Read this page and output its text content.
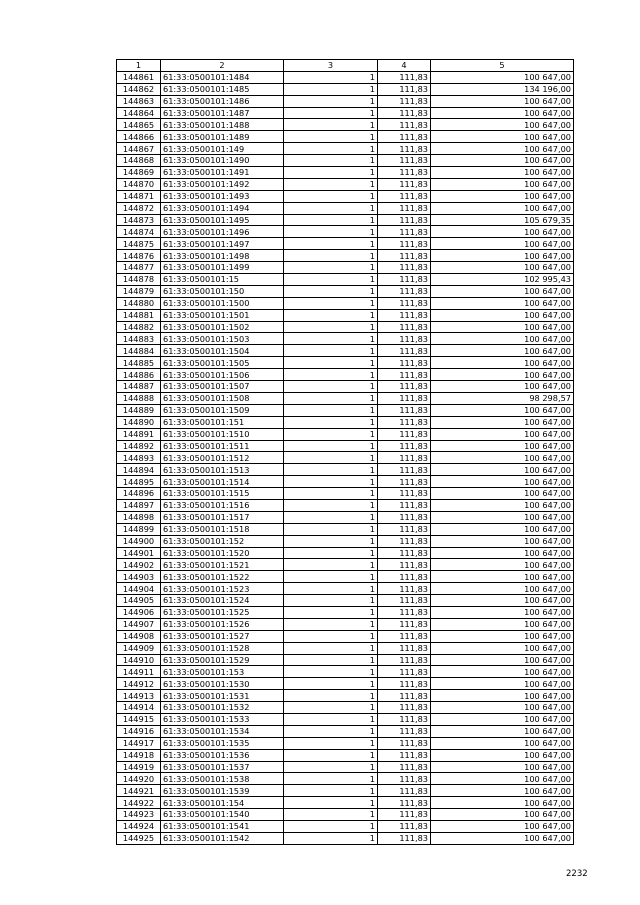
1	2	3	4	5
144861	61:33:0500101:1484	1	111,83	100 647,00
144862	61:33:0500101:1485	1	111,83	134 196,00
144863	61:33:0500101:1486	1	111,83	100 647,00
144864	61:33:0500101:1487	1	111,83	100 647,00
144865	61:33:0500101:1488	1	111,83	100 647,00
144866	61:33:0500101:1489	1	111,83	100 647,00
144867	61:33:0500101:149	1	111,83	100 647,00
144868	61:33:0500101:1490	1	111,83	100 647,00
144869	61:33:0500101:1491	1	111,83	100 647,00
144870	61:33:0500101:1492	1	111,83	100 647,00
144871	61:33:0500101:1493	1	111,83	100 647,00
144872	61:33:0500101:1494	1	111,83	100 647,00
144873	61:33:0500101:1495	1	111,83	105 679,35
144874	61:33:0500101:1496	1	111,83	100 647,00
144875	61:33:0500101:1497	1	111,83	100 647,00
144876	61:33:0500101:1498	1	111,83	100 647,00
144877	61:33:0500101:1499	1	111,83	100 647,00
144878	61:33:0500101:15	1	111,83	102 995,43
144879	61:33:0500101:150	1	111,83	100 647,00
144880	61:33:0500101:1500	1	111,83	100 647,00
144881	61:33:0500101:1501	1	111,83	100 647,00
144882	61:33:0500101:1502	1	111,83	100 647,00
144883	61:33:0500101:1503	1	111,83	100 647,00
144884	61:33:0500101:1504	1	111,83	100 647,00
144885	61:33:0500101:1505	1	111,83	100 647,00
144886	61:33:0500101:1506	1	111,83	100 647,00
144887	61:33:0500101:1507	1	111,83	100 647,00
144888	61:33:0500101:1508	1	111,83	98 298,57
144889	61:33:0500101:1509	1	111,83	100 647,00
144890	61:33:0500101:151	1	111,83	100 647,00
144891	61:33:0500101:1510	1	111,83	100 647,00
144892	61:33:0500101:1511	1	111,83	100 647,00
144893	61:33:0500101:1512	1	111,83	100 647,00
144894	61:33:0500101:1513	1	111,83	100 647,00
144895	61:33:0500101:1514	1	111,83	100 647,00
144896	61:33:0500101:1515	1	111,83	100 647,00
144897	61:33:0500101:1516	1	111,83	100 647,00
144898	61:33:0500101:1517	1	111,83	100 647,00
144899	61:33:0500101:1518	1	111,83	100 647,00
144900	61:33:0500101:152	1	111,83	100 647,00
144901	61:33:0500101:1520	1	111,83	100 647,00
144902	61:33:0500101:1521	1	111,83	100 647,00
144903	61:33:0500101:1522	1	111,83	100 647,00
144904	61:33:0500101:1523	1	111,83	100 647,00
144905	61:33:0500101:1524	1	111,83	100 647,00
144906	61:33:0500101:1525	1	111,83	100 647,00
144907	61:33:0500101:1526	1	111,83	100 647,00
144908	61:33:0500101:1527	1	111,83	100 647,00
144909	61:33:0500101:1528	1	111,83	100 647,00
144910	61:33:0500101:1529	1	111,83	100 647,00
144911	61:33:0500101:153	1	111,83	100 647,00
144912	61:33:0500101:1530	1	111,83	100 647,00
144913	61:33:0500101:1531	1	111,83	100 647,00
144914	61:33:0500101:1532	1	111,83	100 647,00
144915	61:33:0500101:1533	1	111,83	100 647,00
144916	61:33:0500101:1534	1	111,83	100 647,00
144917	61:33:0500101:1535	1	111,83	100 647,00
144918	61:33:0500101:1536	1	111,83	100 647,00
144919	61:33:0500101:1537	1	111,83	100 647,00
144920	61:33:0500101:1538	1	111,83	100 647,00
144921	61:33:0500101:1539	1	111,83	100 647,00
144922	61:33:0500101:154	1	111,83	100 647,00
144923	61:33:0500101:1540	1	111,83	100 647,00
144924	61:33:0500101:1541	1	111,83	100 647,00
144925	61:33:0500101:1542	1	111,83	100 647,00
2232
